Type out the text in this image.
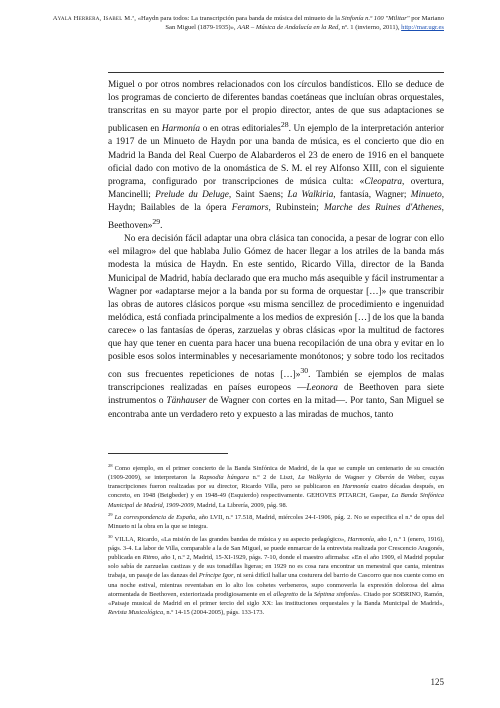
Ayala Herrera, Isabel M.ª, «Haydn para todos: La transcripción para banda de música del minueto de la Sinfonía n.º 100 "Militar" por Mariano San Miguel (1879-1935)», AAR – Música de Andalucía en la Red, nº. 1 (invierno, 2011), http://mar.ugr.es

Miguel o por otros nombres relacionados con los círculos bandísticos. Ello se deduce de los programas de concierto de diferentes bandas coetáneas que incluían obras orquestales, transcritas en su mayor parte por el propio director, antes de que sus adaptaciones se publicasen en Harmonía o en otras editoriales$^{28}$. Un ejemplo de la interpretación anterior a 1917 de un Minueto de Haydn por una banda de música, es el concierto que dio en Madrid la Banda del Real Cuerpo de Alabarderos el 23 de enero de 1916 en el banquete oficial dado con motivo de la onomástica de S. M. el rey Alfonso XIII, con el siguiente programa, configurado por transcripciones de música culta: «Cleopatra, overtura, Mancinelli; Prelude du Deluge, Saint Saens; La Walkiria, fantasía, Wagner; Minueto, Haydn; Bailables de la ópera Feramors, Rubinstein; Marche des Ruines d'Athenes, Beethoven»$^{29}$.

No era decisión fácil adaptar una obra clásica tan conocida, a pesar de lograr con ello «el milagro» del que hablaba Julio Gómez de hacer llegar a los atriles de la banda más modesta la música de Haydn. En este sentido, Ricardo Villa, director de la Banda Municipal de Madrid, había declarado que era mucho más asequible y fácil instrumentar a Wagner por «adaptarse mejor a la banda por su forma de orquestar […]» que transcribir las obras de autores clásicos porque «su misma sencillez de procedimiento e ingenuidad melódica, está confiada principalmente a los medios de expresión […] de los que la banda carece» o las fantasías de óperas, zarzuelas y obras clásicas «por la multitud de factores que hay que tener en cuenta para hacer una buena recopilación de una obra y evitar en lo posible esos solos interminables y necesariamente monótonos; y sobre todo los recitados con sus frecuentes repeticiones de notas […]»$^{30}$. También se ejemplos de malas transcripciones realizadas en países europeos —Leonora de Beethoven para siete instrumentos o Tänhauser de Wagner con cortes en la mitad—. Por tanto, San Miguel se encontraba ante un verdadero reto y expuesto a las miradas de muchos, tanto

$^{28}$ Como ejemplo, en el primer concierto de la Banda Sinfónica de Madrid, de la que se cumple un centenario de su creación (1909-2009), se interpretaron la Rapsodia húngara n.º 2 de Liszt, La Walkyria de Wagner y Oberón de Weber, cuyas transcripciones fueron realizadas por su director, Ricardo Villa, pero se publicaron en Harmonía cuatro décadas después, en concreto, en 1948 (Beigbeder) y en 1948-49 (Esquierdo) respectivamente. GEHOVES PITARCH, Gaspar, La Banda Sinfónica Municipal de Madrid, 1909-2009, Madrid, La Librería, 2009, pág. 98.

$^{29}$ La correspondencia de España, año LVII, n.º 17.518, Madrid, miércoles 24-I-1906, pág. 2. No se especifica el n.º de opus del Minueto ni la obra en la que se integra.

$^{30}$ VILLA, Ricardo, «La misión de las grandes bandas de música y su aspecto pedagógico», Harmonía, año I, n.º 1 (enero, 1916), págs. 3-4. La labor de Villa, comparable a la de San Miguel, se puede enmarcar de la entrevista realizada por Crescencio Aragonés, publicada en Ritmo, año I, n.º 2, Madrid, 15-XI-1929, págs. 7-10, donde el maestro afirmaba: «En el año 1909, el Madrid popular solo sabía de zarzuelas castizas y de sus tonadillas ligeras; en 1929 no es cosa rara encontrar un menestral que canta, mientras trabaja, un pasaje de las danzas del Príncipe Igor, ni será difícil hallar una costurera del barrio de Cascorro que nos cuente como en una noche estival, mientras reventaban en lo alto los cohetes verbeneros, supo conmoverla la expresión dolorosa del alma atormentada de Beethoven, exteriorizada prodigiosamente en el allegretto de la Séptima sinfonía». Citado por SOBRINO, Ramón, «Paisaje musical de Madrid en el primer tercio del siglo XX: las instituciones orquestales y la Banda Municipal de Madrid», Revista Musicológica, n.º 14-15 (2004-2005), págs. 133-173.

125
